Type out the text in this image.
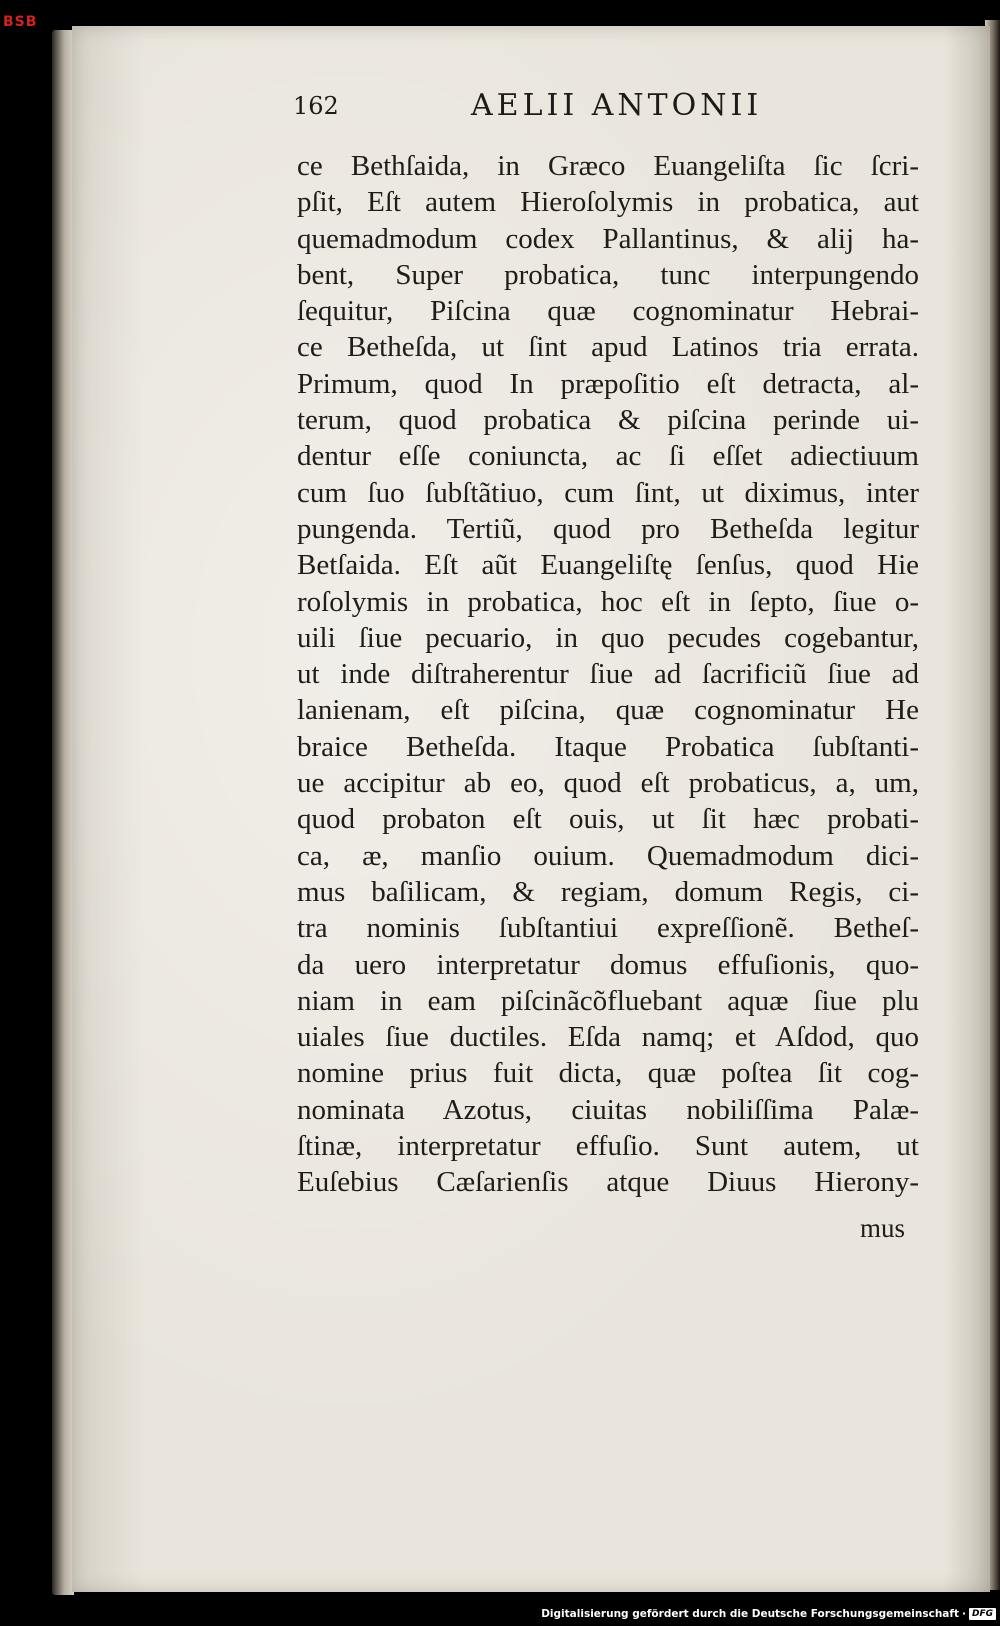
BSB
162	AELII ANTONII
ce Bethſaida, in Græco Euangeliſta ſic ſcri-
pſit, Eſt autem Hieroſolymis in probatica, aut
quemadmodum codex Pallantinus, & alij ha-
bent, Super probatica, tunc interpungendo
ſequitur, Piſcina quæ cognominatur Hebrai-
ce Betheſda, ut ſint apud Latinos tria errata.
Primum, quod In præpoſitio eſt detracta, al-
terum, quod probatica & piſcina perinde ui-
dentur eſſe coniuncta, ac ſi eſſet adiectiuum
cum ſuo ſubſtãtiuo, cum ſint, ut diximus, inter
pungenda. Tertiũ, quod pro Betheſda legitur
Betſaida. Eſt aũt Euangeliſtę ſenſus, quod Hie
roſolymis in probatica, hoc eſt in ſepto, ſiue o-
uili ſiue pecuario, in quo pecudes cogebantur,
ut inde diſtraherentur ſiue ad ſacrificiũ ſiue ad
lanienam, eſt piſcina, quæ cognominatur He
braice Betheſda. Itaque Probatica ſubſtanti-
ue accipitur ab eo, quod eſt probaticus, a, um,
quod probaton eſt ouis, ut ſit hæc probati-
ca, æ, manſio ouium. Quemadmodum dici-
mus baſilicam, & regiam, domum Regis, ci-
tra nominis ſubſtantiui expreſſionẽ. Betheſ-
da uero interpretatur domus effuſionis, quo-
niam in eam piſcinãcõfluebant aquæ ſiue plu
uiales ſiue ductiles. Eſda namq; et Aſdod, quo
nomine prius fuit dicta, quæ poſtea ſit cog-
nominata Azotus, ciuitas nobiliſſima Palæ-
ſtinæ, interpretatur effuſio. Sunt autem, ut
Euſebius Cæſarienſis atque Diuus Hierony-
mus
Digitalisierung gefördert durch die Deutsche Forschungsgemeinschaft · DFG
